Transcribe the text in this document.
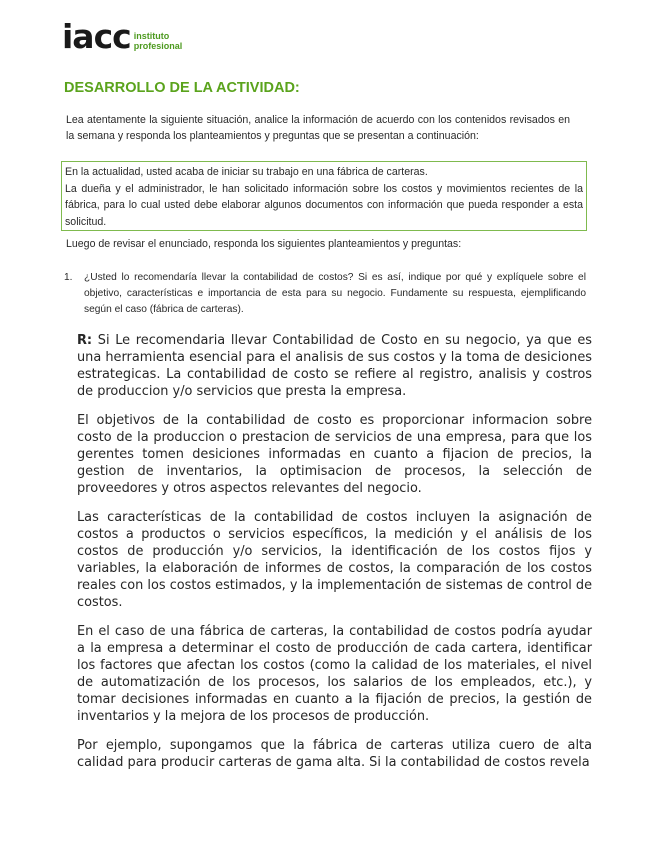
iacc instituto
profesional
DESARROLLO DE LA ACTIVIDAD:
Lea atentamente la siguiente situación, analice la información de acuerdo con los contenidos revisados en la semana y responda los planteamientos y preguntas que se presentan a continuación:
En la actualidad, usted acaba de iniciar su trabajo en una fábrica de carteras.
La dueña y el administrador, le han solicitado información sobre los costos y movimientos recientes de la fábrica, para lo cual usted debe elaborar algunos documentos con información que pueda responder a esta solicitud.
Luego de revisar el enunciado, responda los siguientes planteamientos y preguntas:
1. ¿Usted lo recomendaría llevar la contabilidad de costos? Si es así, indique por qué y explíquele sobre el objetivo, características e importancia de esta para su negocio. Fundamente su respuesta, ejemplificando según el caso (fábrica de carteras).

R: Si Le recomendaria llevar Contabilidad de Costo en su negocio, ya que es una herramienta esencial para el analisis de sus costos y la toma de desiciones estrategicas. La contabilidad de costo se refiere al registro, analisis y costros de produccion y/o servicios que presta la empresa.

El objetivos de la contabilidad de costo es proporcionar informacion sobre costo de la produccion o prestacion de servicios de una empresa, para que los gerentes tomen desiciones informadas en cuanto a fijacion de precios, la gestion de inventarios, la optimisacion de procesos, la selección de proveedores y otros aspectos relevantes del negocio.

Las características de la contabilidad de costos incluyen la asignación de costos a productos o servicios específicos, la medición y el análisis de los costos de producción y/o servicios, la identificación de los costos fijos y variables, la elaboración de informes de costos, la comparación de los costos reales con los costos estimados, y la implementación de sistemas de control de costos.

En el caso de una fábrica de carteras, la contabilidad de costos podría ayudar a la empresa a determinar el costo de producción de cada cartera, identificar los factores que afectan los costos (como la calidad de los materiales, el nivel de automatización de los procesos, los salarios de los empleados, etc.), y tomar decisiones informadas en cuanto a la fijación de precios, la gestión de inventarios y la mejora de los procesos de producción.

Por ejemplo, supongamos que la fábrica de carteras utiliza cuero de alta calidad para producir carteras de gama alta. Si la contabilidad de costos revela
